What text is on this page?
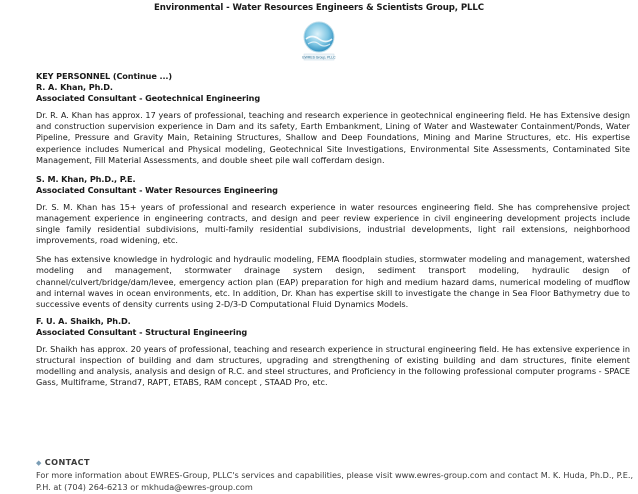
Environmental - Water Resources Engineers & Scientists Group, PLLC
EWRES Group, PLLC
KEY PERSONNEL (Continue ...)
R. A. Khan, Ph.D.
Associated Consultant - Geotechnical Engineering

Dr. R. A. Khan has approx. 17 years of professional, teaching and research experience in geotechnical engineering field. He has Extensive design and construction supervision experience in Dam and its safety, Earth Embankment, Lining of Water and Wastewater Containment/Ponds, Water Pipeline, Pressure and Gravity Main, Retaining Structures, Shallow and Deep Foundations, Mining and Marine Structures, etc. His expertise experience includes Numerical and Physical modeling, Geotechnical Site Investigations, Environmental Site Assessments, Contaminated Site Management, Fill Material Assessments, and double sheet pile wall cofferdam design.

S. M. Khan, Ph.D., P.E.
Associated Consultant - Water Resources Engineering

Dr. S. M. Khan has 15+ years of professional and research experience in water resources engineering field. She has comprehensive project management experience in engineering contracts, and design and peer review experience in civil engineering development projects include single family residential subdivisions, multi-family residential subdivisions, industrial developments, light rail extensions, neighborhood improvements, road widening, etc.

She has extensive knowledge in hydrologic and hydraulic modeling, FEMA floodplain studies, stormwater modeling and management, watershed modeling and management, stormwater drainage system design, sediment transport modeling, hydraulic design of channel/culvert/bridge/dam/levee, emergency action plan (EAP) preparation for high and medium hazard dams, numerical modeling of mudflow and internal waves in ocean environments, etc. In addition, Dr. Khan has expertise skill to investigate the change in Sea Floor Bathymetry due to successive events of density currents using 2-D/3-D Computational Fluid Dynamics Models.

F. U. A. Shaikh, Ph.D.
Associated Consultant - Structural Engineering

Dr. Shaikh has approx. 20 years of professional, teaching and research experience in structural engineering field. He has extensive experience in structural inspection of building and dam structures, upgrading and strengthening of existing building and dam structures, finite element modelling and analysis, analysis and design of R.C. and steel structures, and Proficiency in the following professional computer programs - SPACE Gass, Multiframe, Strand7, RAPT, ETABS, RAM concept , STAAD Pro, etc.

◆ CONTACT

For more information about EWRES-Group, PLLC's services and capabilities, please visit www.ewres-group.com and contact M. K. Huda, Ph.D., P.E., P.H. at (704) 264-6213 or mkhuda@ewres-group.com
